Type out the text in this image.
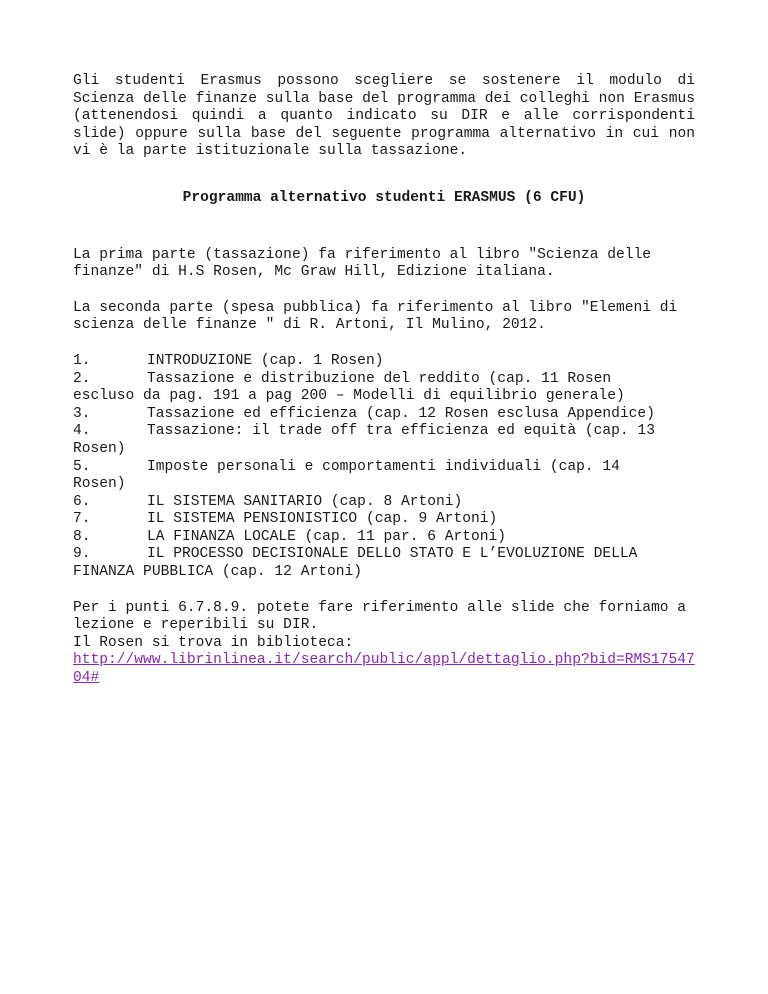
Gli studenti Erasmus possono scegliere se sostenere il modulo di Scienza delle finanze sulla base del programma dei colleghi non Erasmus (attenendosi quindi a quanto indicato su DIR e alle corrispondenti slide) oppure sulla base del seguente programma alternativo in cui non vi è la parte istituzionale sulla tassazione.

Programma alternativo studenti ERASMUS (6 CFU)

La prima parte (tassazione) fa riferimento al libro "Scienza delle finanze" di H.S Rosen, Mc Graw Hill, Edizione italiana.

La seconda parte (spesa pubblica) fa riferimento al libro "Elemeni di scienza delle finanze " di R. Artoni, Il Mulino, 2012.

1.	INTRODUZIONE (cap. 1 Rosen)
2.	Tassazione e distribuzione del reddito (cap. 11 Rosen
escluso da pag. 191 a pag 200 – Modelli di equilibrio generale)
3.	Tassazione ed efficienza (cap. 12 Rosen esclusa Appendice)
4.	Tassazione: il trade off tra efficienza ed equità (cap. 13
Rosen)
5.	Imposte personali e comportamenti individuali (cap. 14
Rosen)
6.	IL SISTEMA SANITARIO (cap. 8 Artoni)
7.	IL SISTEMA PENSIONISTICO (cap. 9 Artoni)
8.	LA FINANZA LOCALE (cap. 11 par. 6 Artoni)
9.	IL PROCESSO DECISIONALE DELLO STATO E L’EVOLUZIONE DELLA
FINANZA PUBBLICA (cap. 12 Artoni)

Per i punti 6.7.8.9. potete fare riferimento alle slide che forniamo a lezione e reperibili su DIR.

Il Rosen si trova in biblioteca:

http://www.librinlinea.it/search/public/appl/dettaglio.php?bid=RMS1754704#
